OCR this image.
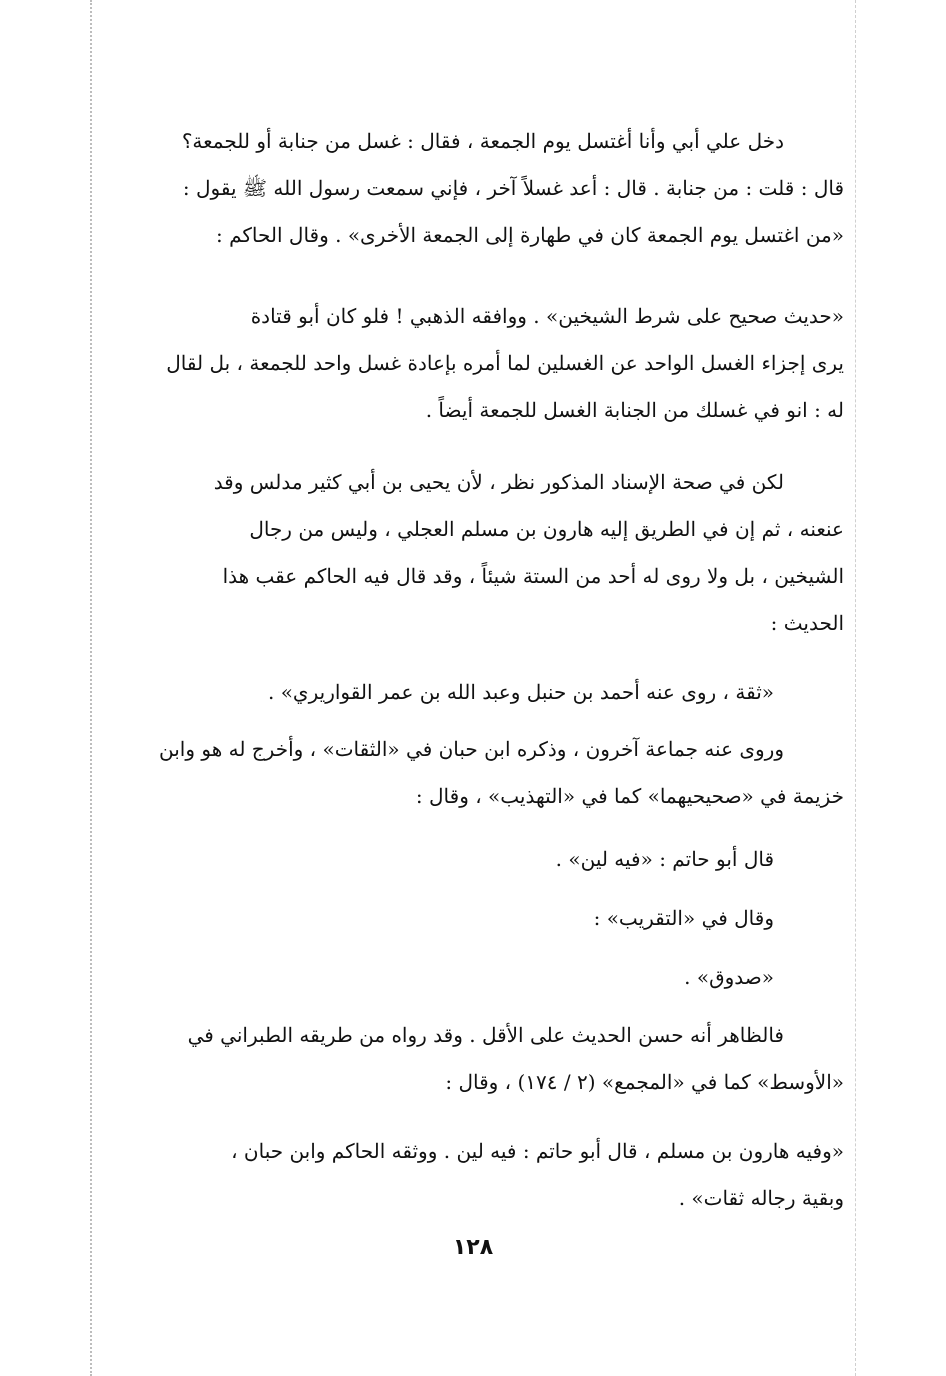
دخل علي أبي وأنا أغتسل يوم الجمعة ، فقال : غسل من جنابة أو للجمعة؟
قال : قلت : من جنابة . قال : أعد غسلاً آخر ، فإني سمعت رسول الله ﷺ يقول :
«من اغتسل يوم الجمعة كان في طهارة إلى الجمعة الأخرى» . وقال الحاكم :
«حديث صحيح على شرط الشيخين» . ووافقه الذهبي ! فلو كان أبو قتادة
يرى إجزاء الغسل الواحد عن الغسلين لما أمره بإعادة غسل واحد للجمعة ، بل لقال
له : انو في غسلك من الجنابة الغسل للجمعة أيضاً .
لكن في صحة الإسناد المذكور نظر ، لأن يحيى بن أبي كثير مدلس وقد
عنعنه ، ثم إن في الطريق إليه هارون بن مسلم العجلي ، وليس من رجال
الشيخين ، بل ولا روى له أحد من الستة شيئاً ، وقد قال فيه الحاكم عقب هذا
الحديث :
«ثقة ، روى عنه أحمد بن حنبل وعبد الله بن عمر القواريري» .
وروى عنه جماعة آخرون ، وذكره ابن حبان في «الثقات» ، وأخرج له هو وابن
خزيمة في «صحيحيهما» كما في «التهذيب» ، وقال :
قال أبو حاتم : «فيه لين» .
وقال في «التقريب» :
«صدوق» .
فالظاهر أنه حسن الحديث على الأقل . وقد رواه من طريقه الطبراني في
«الأوسط» كما في «المجمع» (٢ / ١٧٤) ، وقال :
«وفيه هارون بن مسلم ، قال أبو حاتم : فيه لين . ووثقه الحاكم وابن حبان ،
وبقية رجاله ثقات» .
١٢٨
